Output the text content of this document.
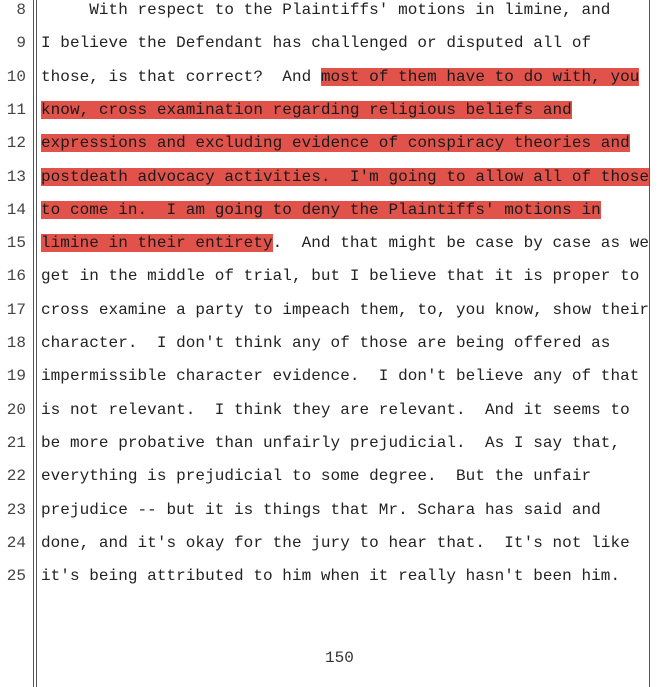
8 With respect to the Plaintiffs' motions in limine, and
9 I believe the Defendant has challenged or disputed all of
10 those, is that correct?  And most of them have to do with, you
11 know, cross examination regarding religious beliefs and
12 expressions and excluding evidence of conspiracy theories and
13 postdeath advocacy activities.  I'm going to allow all of those
14 to come in.  I am going to deny the Plaintiffs' motions in
15 limine in their entirety.  And that might be case by case as we
16 get in the middle of trial, but I believe that it is proper to
17 cross examine a party to impeach them, to, you know, show their
18 character.  I don't think any of those are being offered as
19 impermissible character evidence.  I don't believe any of that
20 is not relevant.  I think they are relevant.  And it seems to
21 be more probative than unfairly prejudicial.  As I say that,
22 everything is prejudicial to some degree.  But the unfair
23 prejudice -- but it is things that Mr. Schara has said and
24 done, and it's okay for the jury to hear that.  It's not like
25 it's being attributed to him when it really hasn't been him.
150
